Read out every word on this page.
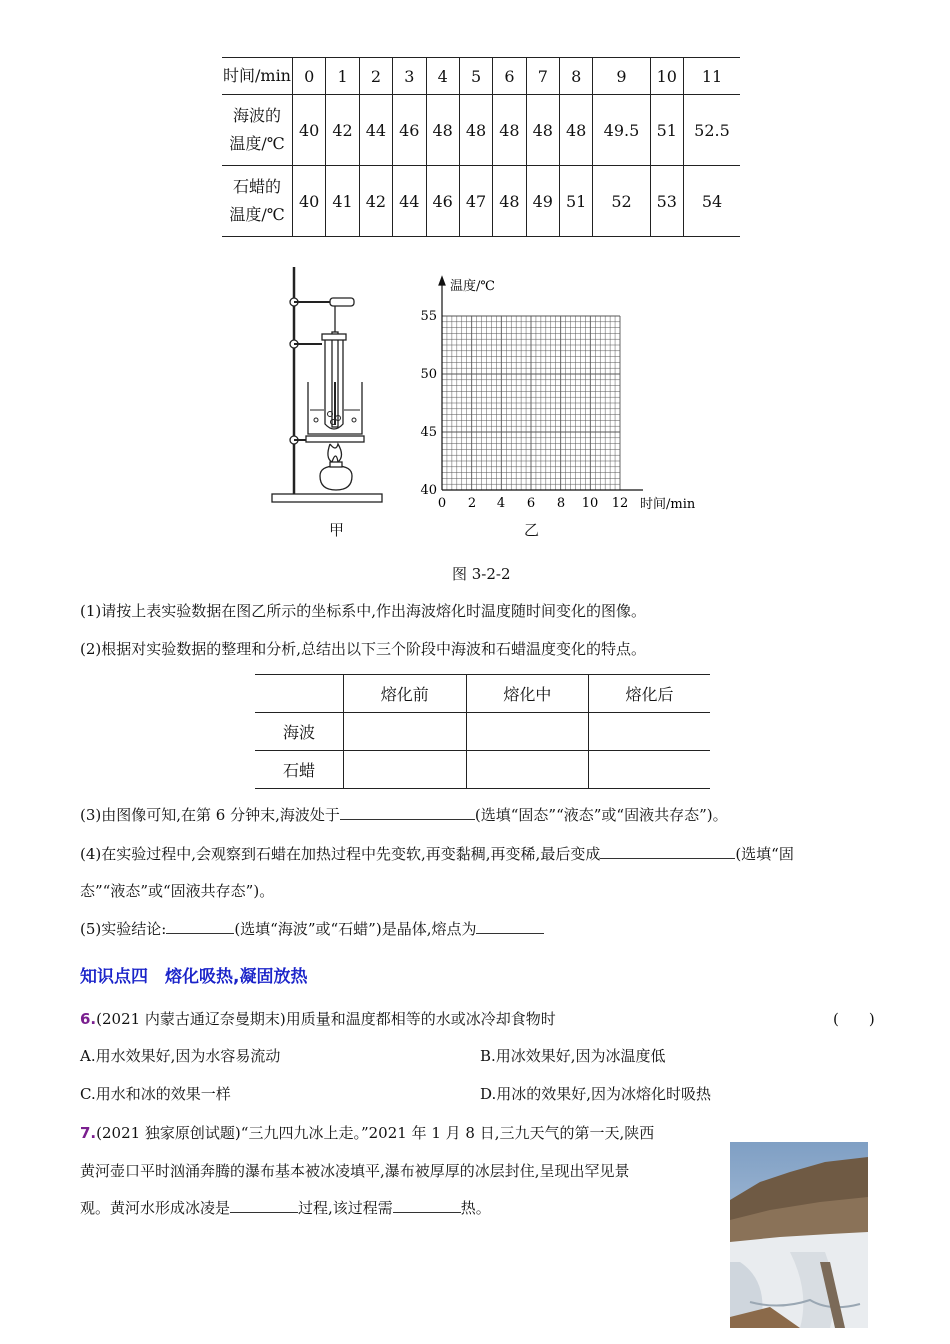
时间/min	0	1	2	3	4	5	6	7	8	9	10	11
海波的
温度/℃	40	42	44	46	48	48	48	48	48	49.5	51	52.5
石蜡的
温度/℃	40	41	42	44	46	47	48	49	51	52	53	54
甲
温度/℃
时间/min
55
50
45
40
0 2 4 6 8 10 12
乙
图 3-2-2
(1)请按上表实验数据在图乙所示的坐标系中,作出海波熔化时温度随时间变化的图像。
(2)根据对实验数据的整理和分析,总结出以下三个阶段中海波和石蜡温度变化的特点。
	熔化前	熔化中	熔化后
海波			
石蜡			
(3)由图像可知,在第 6 分钟末,海波处于	(选填“固态”“液态”或“固液共存态”)。
(4)在实验过程中,会观察到石蜡在加热过程中先变软,再变黏稠,再变稀,最后变成	(选填“固
态”“液态”或“固液共存态”)。
(5)实验结论:	(选填“海波”或“石蜡”)是晶体,熔点为
知识点四　熔化吸热,凝固放热
6.(2021 内蒙古通辽奈曼期末)用质量和温度都相等的水或冰冷却食物时	(　　)
A.用水效果好,因为水容易流动	B.用冰效果好,因为冰温度低
C.用水和冰的效果一样	D.用冰的效果好,因为冰熔化时吸热
7.(2021 独家原创试题)“三九四九冰上走。”2021 年 1 月 8 日,三九天气的第一天,陕西
黄河壶口平时汹涌奔腾的瀑布基本被冰凌填平,瀑布被厚厚的冰层封住,呈现出罕见景
观。黄河水形成冰凌是	过程,该过程需	热。
